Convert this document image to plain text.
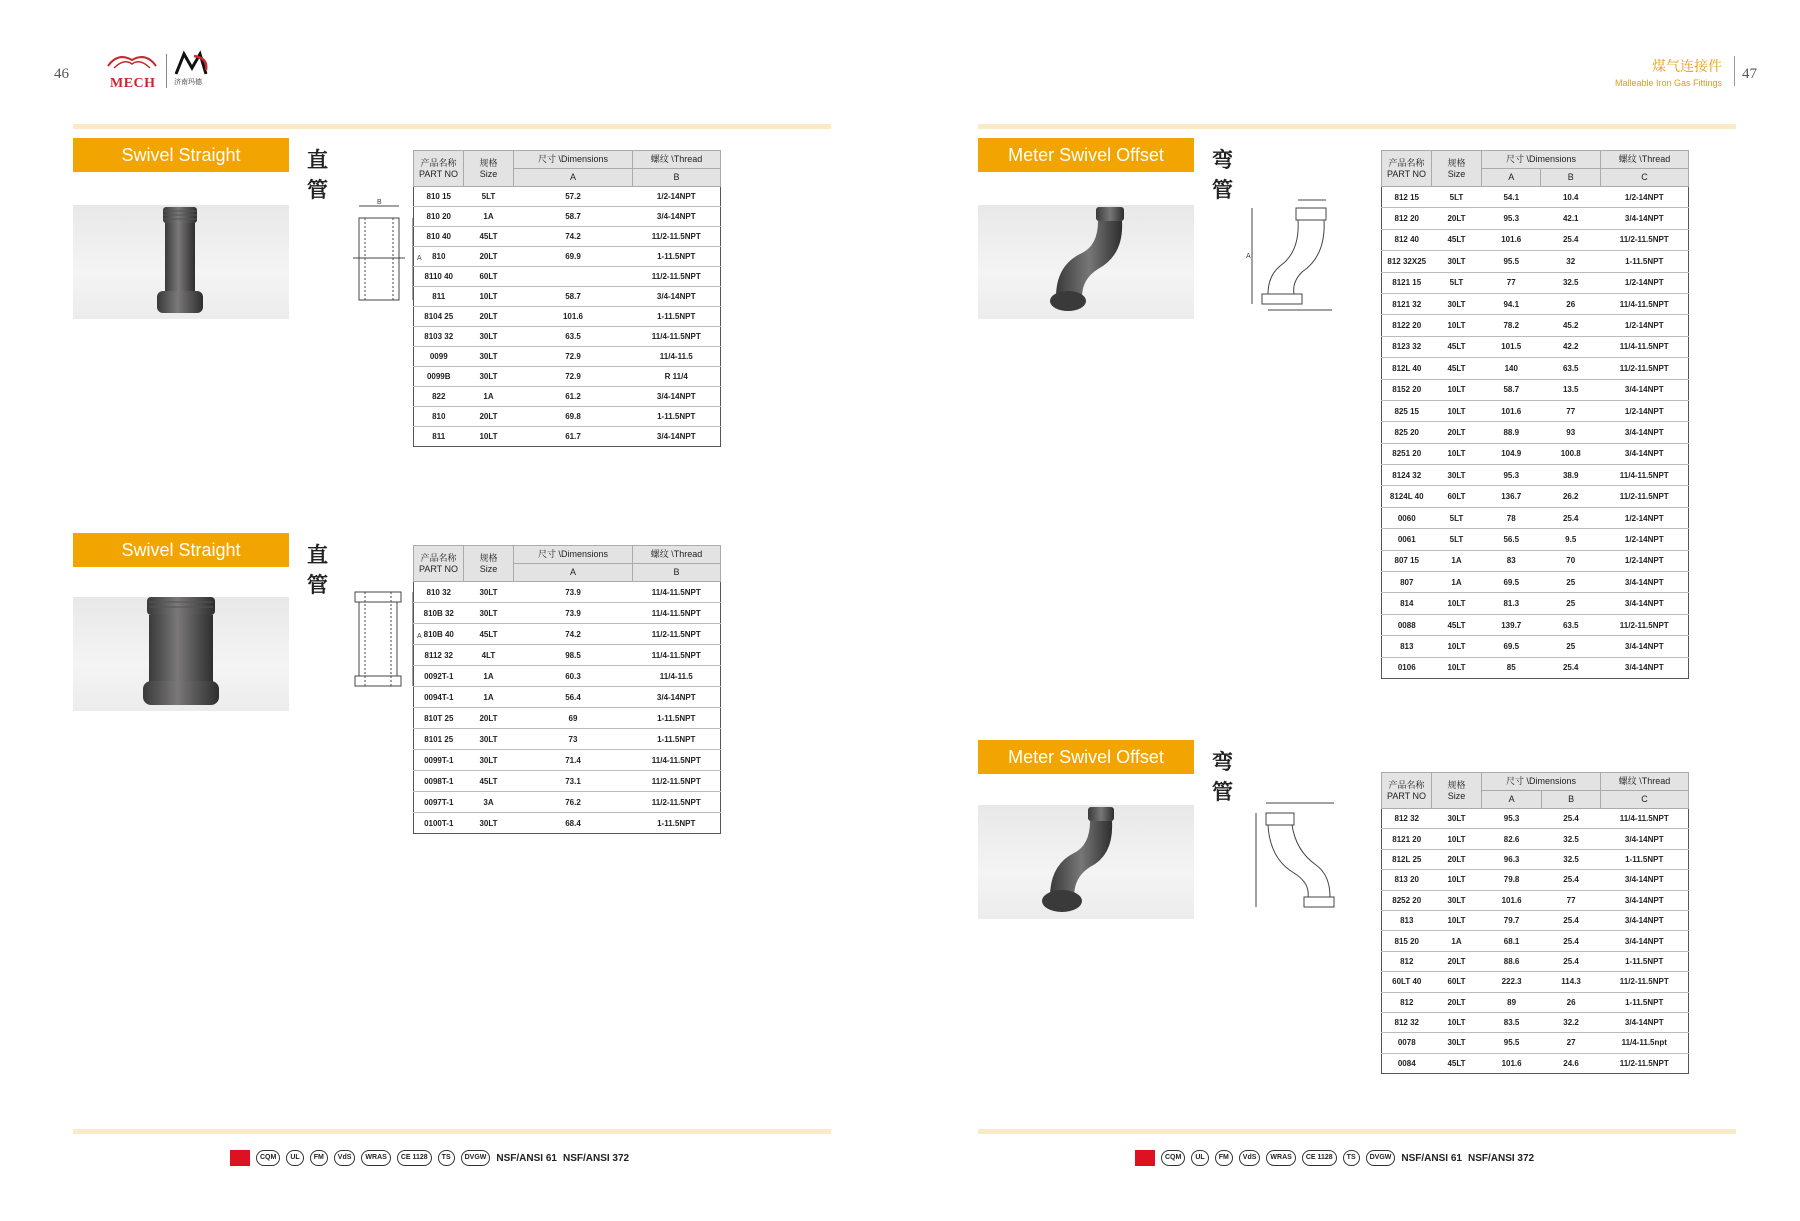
46
MECH	济南玛德
煤气连接件
Malleable Iron Gas Fittings
47
Swivel Straight	直管
B
A
产品名称
PART NO	规格
Size	尺寸 \Dimensions	螺纹 \Thread
		A	B
810 15	5LT	57.2	1/2-14NPT
810 20	1A	58.7	3/4-14NPT
810 40	45LT	74.2	11/2-11.5NPT
810	20LT	69.9	1-11.5NPT
8110 40	60LT		11/2-11.5NPT
811	10LT	58.7	3/4-14NPT
8104 25	20LT	101.6	1-11.5NPT
8103 32	30LT	63.5	11/4-11.5NPT
0099	30LT	72.9	11/4-11.5
0099B	30LT	72.9	R 11/4
822	1A	61.2	3/4-14NPT
810	20LT	69.8	1-11.5NPT
811	10LT	61.7	3/4-14NPT
Swivel Straight	直管
A
产品名称
PART NO	规格
Size	尺寸 \Dimensions	螺纹 \Thread
		A	B
810 32	30LT	73.9	11/4-11.5NPT
810B 32	30LT	73.9	11/4-11.5NPT
810B 40	45LT	74.2	11/2-11.5NPT
8112 32	4LT	98.5	11/4-11.5NPT
0092T-1	1A	60.3	11/4-11.5
0094T-1	1A	56.4	3/4-14NPT
810T 25	20LT	69	1-11.5NPT
8101 25	30LT	73	1-11.5NPT
0099T-1	30LT	71.4	11/4-11.5NPT
0098T-1	45LT	73.1	11/2-11.5NPT
0097T-1	3A	76.2	11/2-11.5NPT
0100T-1	30LT	68.4	1-11.5NPT
Meter Swivel Offset	弯管
A
产品名称
PART NO	规格
Size	尺寸 \Dimensions		螺纹 \Thread
		A	B	C
812 15	5LT	54.1	10.4	1/2-14NPT
812 20	20LT	95.3	42.1	3/4-14NPT
812 40	45LT	101.6	25.4	11/2-11.5NPT
812 32X25	30LT	95.5	32	1-11.5NPT
8121 15	5LT	77	32.5	1/2-14NPT
8121 32	30LT	94.1	26	11/4-11.5NPT
8122 20	10LT	78.2	45.2	1/2-14NPT
8123 32	45LT	101.5	42.2	11/4-11.5NPT
812L 40	45LT	140	63.5	11/2-11.5NPT
8152 20	10LT	58.7	13.5	3/4-14NPT
825 15	10LT	101.6	77	1/2-14NPT
825 20	20LT	88.9	93	3/4-14NPT
8251 20	10LT	104.9	100.8	3/4-14NPT
8124 32	30LT	95.3	38.9	11/4-11.5NPT
8124L 40	60LT	136.7	26.2	11/2-11.5NPT
0060	5LT	78	25.4	1/2-14NPT
0061	5LT	56.5	9.5	1/2-14NPT
807 15	1A	83	70	1/2-14NPT
807	1A	69.5	25	3/4-14NPT
814	10LT	81.3	25	3/4-14NPT
0088	45LT	139.7	63.5	11/2-11.5NPT
813	10LT	69.5	25	3/4-14NPT
0106	10LT	85	25.4	3/4-14NPT
Meter Swivel Offset	弯管	产品名称
PART NO	规格
Size	尺寸 \Dimensions		螺纹 \Thread
		A	B	C
812 32	30LT	95.3	25.4	11/4-11.5NPT
8121 20	10LT	82.6	32.5	3/4-14NPT
812L 25	20LT	96.3	32.5	1-11.5NPT
813 20	10LT	79.8	25.4	3/4-14NPT
8252 20	30LT	101.6	77	3/4-14NPT
813	10LT	79.7	25.4	3/4-14NPT
815 20	1A	68.1	25.4	3/4-14NPT
812	20LT	88.6	25.4	1-11.5NPT
60LT 40	60LT	222.3	114.3	11/2-11.5NPT
812	20LT	89	26	1-11.5NPT
812 32	10LT	83.5	32.2	3/4-14NPT
0078	30LT	95.5	27	11/4-11.5npt
0084	45LT	101.6	24.6	11/2-11.5NPT
CQM	UL	FM	VdS	WRAS	CE 1128	TS	DVGW	NSF/ANSI 61 NSF/ANSI 372	CQM	UL	FM	VdS	WRAS	CE 1128	TS	DVGW	NSF/ANSI 61 NSF/ANSI 372
